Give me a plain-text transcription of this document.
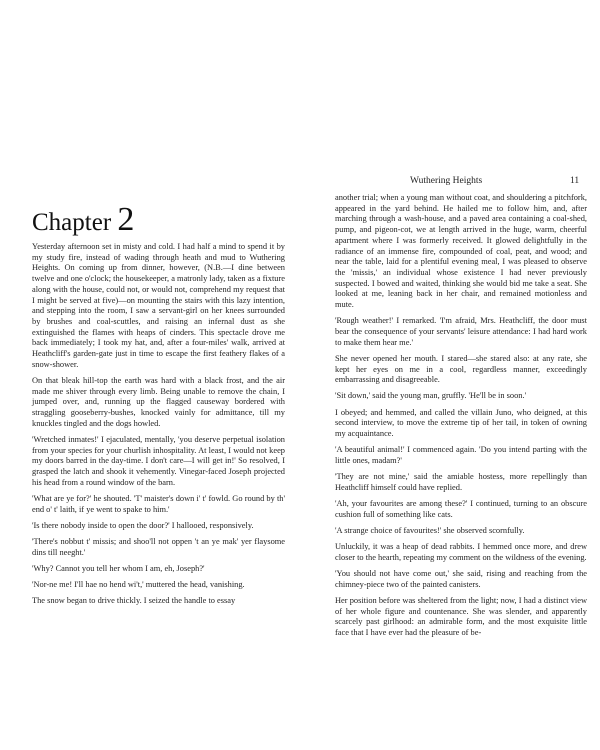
Chapter 2

Yesterday afternoon set in misty and cold. I had half a mind to spend it by my study fire, instead of wading through heath and mud to Wuthering Heights. On coming up from dinner, however, (N.B.—I dine between twelve and one o'clock; the housekeeper, a matronly lady, taken as a fixture along with the house, could not, or would not, comprehend my request that I might be served at five)—on mounting the stairs with this lazy intention, and stepping into the room, I saw a servant-girl on her knees surrounded by brushes and coal-scuttles, and raising an infernal dust as she extinguished the flames with heaps of cinders. This spectacle drove me back immediately; I took my hat, and, after a four-miles' walk, arrived at Heathcliff's garden-gate just in time to escape the first feathery flakes of a snow-shower.

On that bleak hill-top the earth was hard with a black frost, and the air made me shiver through every limb. Being unable to remove the chain, I jumped over, and, running up the flagged causeway bordered with straggling gooseberry-bushes, knocked vainly for admittance, till my knuckles tingled and the dogs howled.

'Wretched inmates!' I ejaculated, mentally, 'you deserve perpetual isolation from your species for your churlish inhospitality. At least, I would not keep my doors barred in the day-time. I don't care—I will get in!' So resolved, I grasped the latch and shook it vehemently. Vinegar-faced Joseph projected his head from a round window of the barn.

'What are ye for?' he shouted. 'T' maister's down i' t' fowld. Go round by th' end o' t' laith, if ye went to spake to him.'

'Is there nobody inside to open the door?' I hallooed, responsively.

'There's nobbut t' missis; and shoo'll not oppen 't an ye mak' yer flaysome dins till neeght.'

'Why? Cannot you tell her whom I am, eh, Joseph?'

'Nor-ne me! I'll hae no hend wi't,' muttered the head, vanishing.

The snow began to drive thickly. I seized the handle to essay

Wuthering Heights	11

another trial; when a young man without coat, and shouldering a pitchfork, appeared in the yard behind. He hailed me to follow him, and, after marching through a wash-house, and a paved area containing a coal-shed, pump, and pigeon-cot, we at length arrived in the huge, warm, cheerful apartment where I was formerly received. It glowed delightfully in the radiance of an immense fire, compounded of coal, peat, and wood; and near the table, laid for a plentiful evening meal, I was pleased to observe the 'missis,' an individual whose existence I had never previously suspected. I bowed and waited, thinking she would bid me take a seat. She looked at me, leaning back in her chair, and remained motionless and mute.

'Rough weather!' I remarked. 'I'm afraid, Mrs. Heathcliff, the door must bear the consequence of your servants' leisure attendance: I had hard work to make them hear me.'

She never opened her mouth. I stared—she stared also: at any rate, she kept her eyes on me in a cool, regardless manner, exceedingly embarrassing and disagreeable.

'Sit down,' said the young man, gruffly. 'He'll be in soon.'

I obeyed; and hemmed, and called the villain Juno, who deigned, at this second interview, to move the extreme tip of her tail, in token of owning my acquaintance.

'A beautiful animal!' I commenced again. 'Do you intend parting with the little ones, madam?'

'They are not mine,' said the amiable hostess, more repellingly than Heathcliff himself could have replied.

'Ah, your favourites are among these?' I continued, turning to an obscure cushion full of something like cats.

'A strange choice of favourites!' she observed scornfully.

Unluckily, it was a heap of dead rabbits. I hemmed once more, and drew closer to the hearth, repeating my comment on the wildness of the evening.

'You should not have come out,' she said, rising and reaching from the chimney-piece two of the painted canisters.

Her position before was sheltered from the light; now, I had a distinct view of her whole figure and countenance. She was slender, and apparently scarcely past girlhood: an admirable form, and the most exquisite little face that I have ever had the pleasure of be-
